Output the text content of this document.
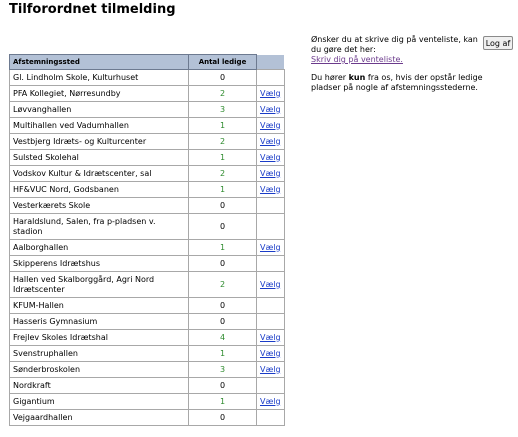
Tilforordnet tilmelding
Log af

Ønsker du at skrive dig på venteliste, kan du gøre det her:
Skriv dig på venteliste.

Du hører kun fra os, hvis der opstår ledige pladser på nogle af afstemningsstederne.

Afstemningssted	Antal ledige	
Gl. Lindholm Skole, Kulturhuset	0	
PFA Kollegiet, Nørresundby	2	Vælg
Løvvanghallen	3	Vælg
Multihallen ved Vadumhallen	1	Vælg
Vestbjerg Idræts- og Kulturcenter	2	Vælg
Sulsted Skolehal	1	Vælg
Vodskov Kultur & Idrætscenter, sal	2	Vælg
HF&VUC Nord, Godsbanen	1	Vælg
Vesterkærets Skole	0	
Haraldslund, Salen, fra p-pladsen v. stadion	0	
Aalborghallen	1	Vælg
Skipperens Idrætshus	0	
Hallen ved Skalborggård, Agri Nord Idrætscenter	2	Vælg
KFUM-Hallen	0	
Hasseris Gymnasium	0	
Frejlev Skoles Idrætshal	4	Vælg
Svenstruphallen	1	Vælg
Sønderbroskolen	3	Vælg
Nordkraft	0	
Gigantium	1	Vælg
Vejgaardhallen	0	
